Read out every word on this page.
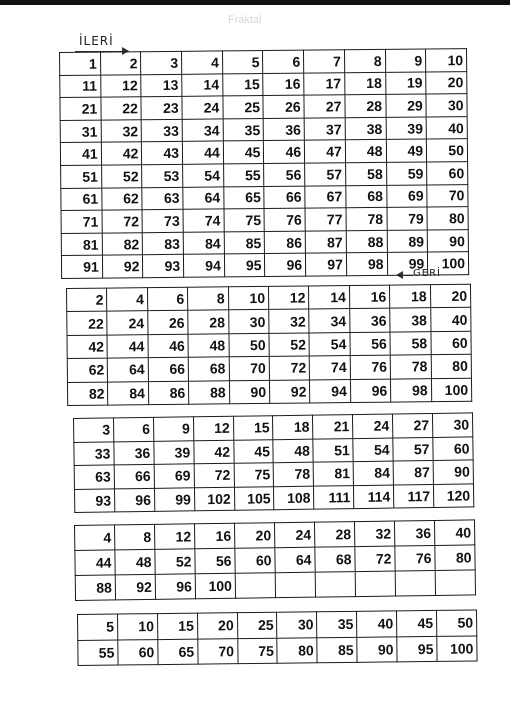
Fraktal
İLERİ
GERİ
1	2	3	4	5	6	7	8	9	10
11	12	13	14	15	16	17	18	19	20
21	22	23	24	25	26	27	28	29	30
31	32	33	34	35	36	37	38	39	40
41	42	43	44	45	46	47	48	49	50
51	52	53	54	55	56	57	58	59	60
61	62	63	64	65	66	67	68	69	70
71	72	73	74	75	76	77	78	79	80
81	82	83	84	85	86	87	88	89	90
91	92	93	94	95	96	97	98	99	100
2	4	6	8	10	12	14	16	18	20
22	24	26	28	30	32	34	36	38	40
42	44	46	48	50	52	54	56	58	60
62	64	66	68	70	72	74	76	78	80
82	84	86	88	90	92	94	96	98	100
3	6	9	12	15	18	21	24	27	30
33	36	39	42	45	48	51	54	57	60
63	66	69	72	75	78	81	84	87	90
93	96	99	102	105	108	111	114	117	120
4	8	12	16	20	24	28	32	36	40
44	48	52	56	60	64	68	72	76	80
88	92	96	100						
5	10	15	20	25	30	35	40	45	50
55	60	65	70	75	80	85	90	95	100
